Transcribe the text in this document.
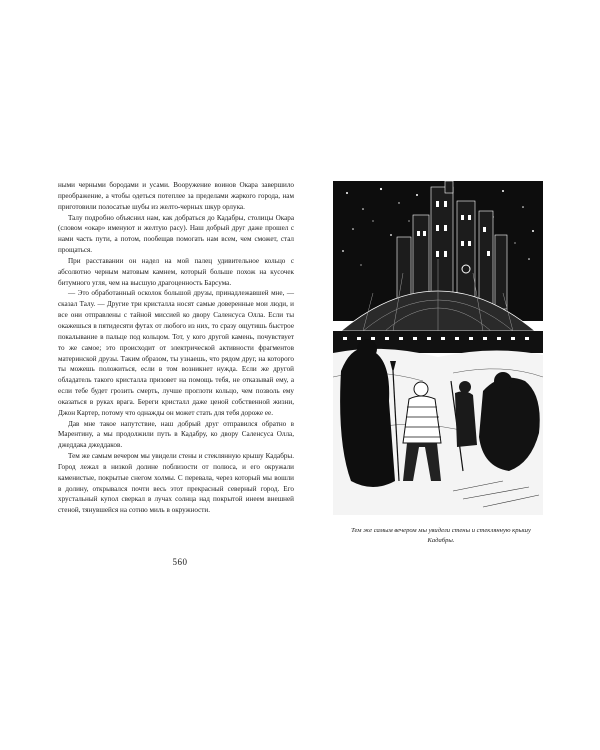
ными черными бородами и усами. Вооружение воинов Окара завершило преображение, а чтобы одеться потеплее за пределами жаркого города, нам приготовили полосатые шубы из желто-черных шкур орлука.

Талу подробно объяснил нам, как добраться до Кадабры, столицы Окара (словом «окар» именуют и желтую расу). Наш добрый друг даже прошел с нами часть пути, а потом, пообещав помогать нам всем, чем сможет, стал прощаться.

При расставании он надел на мой палец удивительное кольцо с абсолютно черным матовым камнем, который больше похож на кусочек битумного угля, чем на высшую драгоценность Барсума.

— Это обработанный осколок большой друзы, принадлежавшей мне, — сказал Талу. — Другие три кристалла носят самые доверенные мои люди, и все они отправлены с тайной миссией ко двору Саленсуса Олла. Если ты окажешься в пятидесяти футах от любого из них, то сразу ощутишь быстрое покалывание в пальце под кольцом. Тот, у кого другой камень, почувствует то же самое; это происходит от электрической активности фрагментов материнской друзы. Таким образом, ты узнаешь, что рядом друг, на которого ты можешь положиться, если в том возникнет нужда. Если же другой обладатель такого кристалла призовет на помощь тебя, не отказывай ему, а если тебе будет грозить смерть, лучше проглоти кольцо, чем позволь ему оказаться в руках врага. Береги кристалл даже ценой собственной жизни, Джон Картер, потому что однажды он может стать для тебя дороже ее.

Дав мне такое напутствие, наш добрый друг отправился обратно в Марентину, а мы продолжили путь в Кадабру, ко двору Саленсуса Олла, джеддака джеддаков.

Тем же самым вечером мы увидели стены и стеклянную крышу Кадабры. Город лежал в низкой долине поблизости от полюса, и его окружали каменистые, покрытые снегом холмы. С перевала, через который мы вошли в долину, открывался почти весь этот прекрасный северный город. Его хрустальный купол сверкал в лучах солнца над покрытой инеем внешней стеной, тянувшейся на сотню миль в окружности.

560
Тем же самым вечером мы увидели стены и стеклянную крышу Кадабры.
